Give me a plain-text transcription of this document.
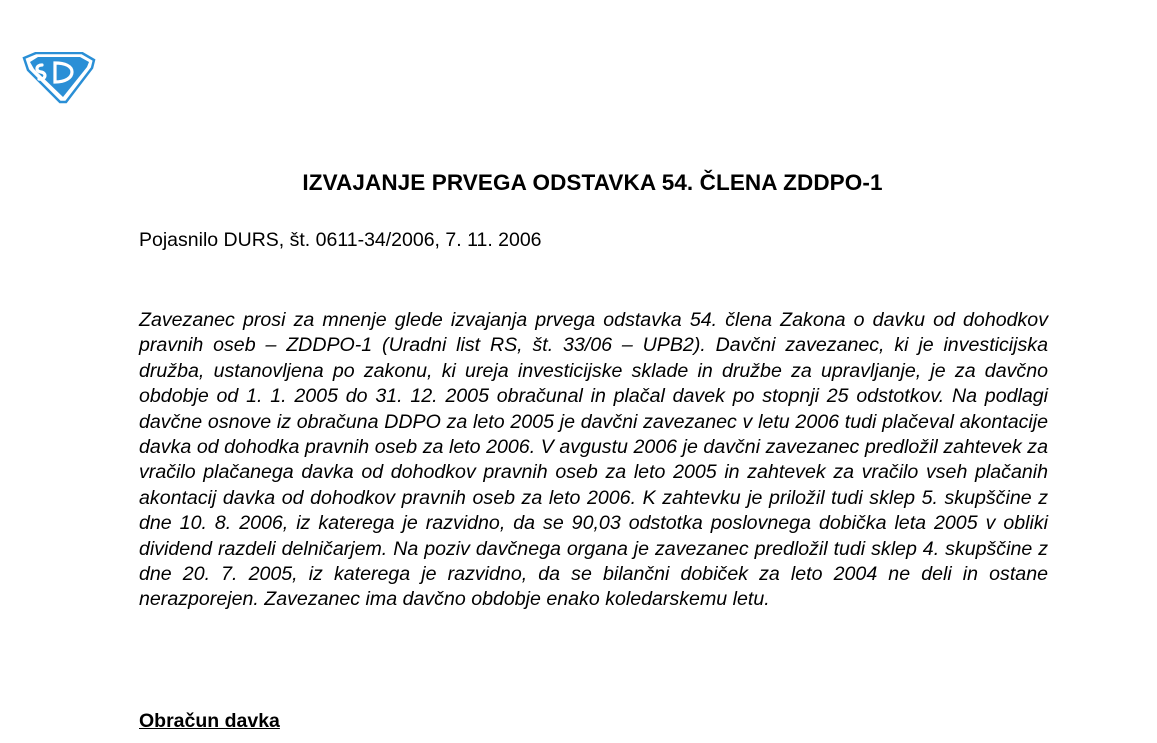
IZVAJANJE PRVEGA ODSTAVKA 54. ČLENA ZDDPO-1

Pojasnilo DURS, št. 0611-34/2006, 7. 11. 2006

Zavezanec prosi za mnenje glede izvajanja prvega odstavka 54. člena Zakona o davku od dohodkov pravnih oseb – ZDDPO-1 (Uradni list RS, št. 33/06 – UPB2). Davčni zavezanec, ki je investicijska družba, ustanovljena po zakonu, ki ureja investicijske sklade in družbe za upravljanje, je za davčno obdobje od 1. 1. 2005 do 31. 12. 2005 obračunal in plačal davek po stopnji 25 odstotkov. Na podlagi davčne osnove iz obračuna DDPO za leto 2005 je davčni zavezanec v letu 2006 tudi plačeval akontacije davka od dohodka pravnih oseb za leto 2006. V avgustu 2006 je davčni zavezanec predložil zahtevek za vračilo plačanega davka od dohodkov pravnih oseb za leto 2005 in zahtevek za vračilo vseh plačanih akontacij davka od dohodkov pravnih oseb za leto 2006. K zahtevku je priložil tudi sklep 5. skupščine z dne 10. 8. 2006, iz katerega je razvidno, da se 90,03 odstotka poslovnega dobička leta 2005 v obliki dividend razdeli delničarjem. Na poziv davčnega organa je zavezanec predložil tudi sklep 4. skupščine z dne 20. 7. 2005, iz katerega je razvidno, da se bilančni dobiček za leto 2004 ne deli in ostane nerazporejen. Zavezanec ima davčno obdobje enako koledarskemu letu.

Obračun davka
